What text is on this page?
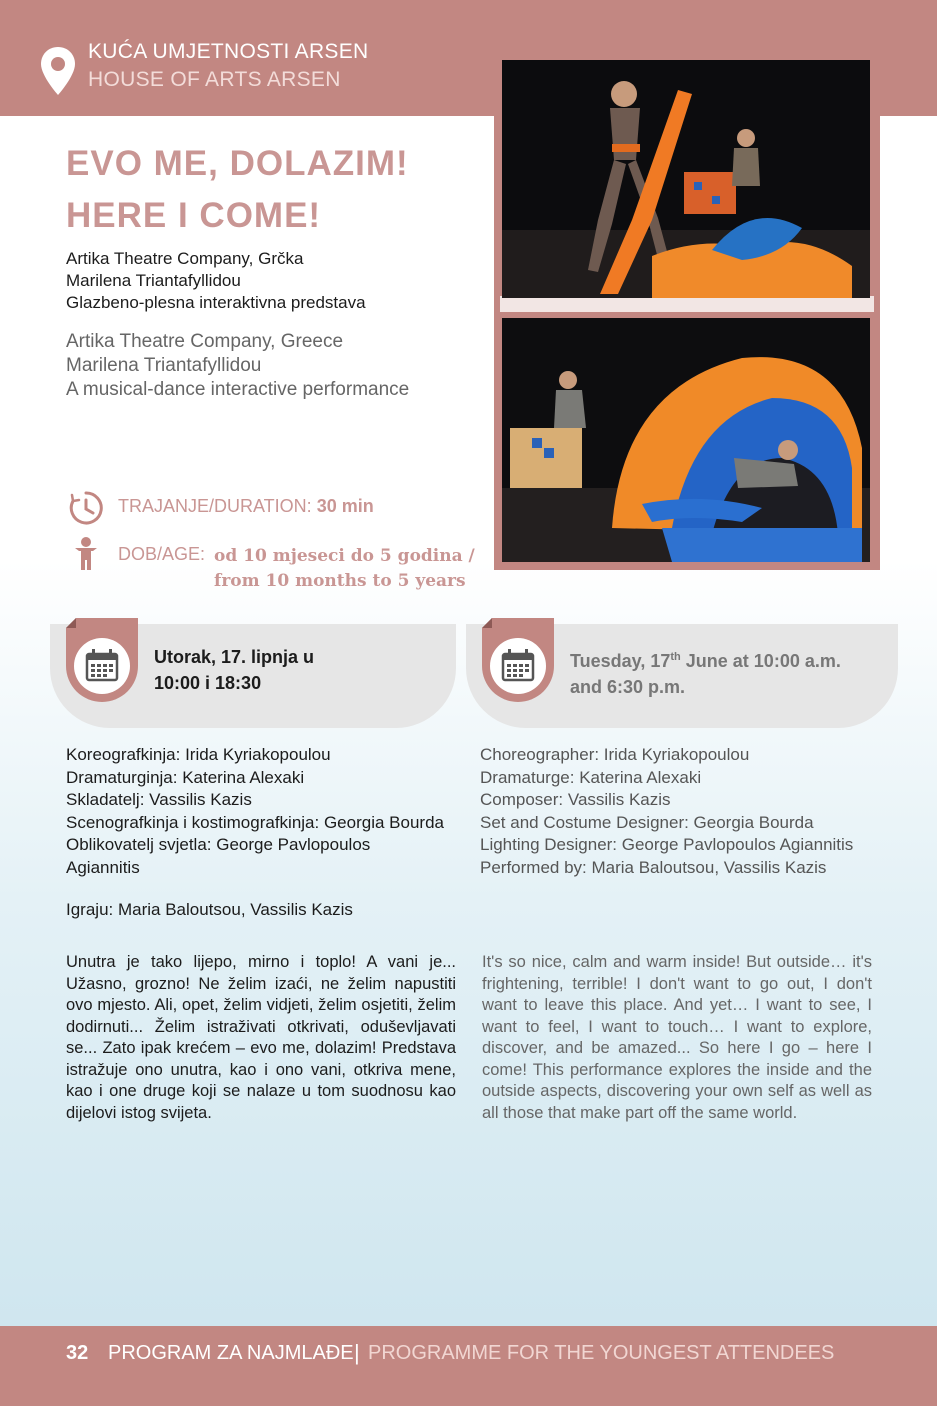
KUĆA UMJETNOSTI ARSEN
HOUSE OF ARTS ARSEN
EVO ME, DOLAZIM!
HERE I COME!
Artika Theatre Company, Grčka
Marilena Triantafyllidou
Glazbeno-plesna interaktivna predstava
Artika Theatre Company, Greece
Marilena Triantafyllidou
A musical-dance interactive performance
TRAJANJE/DURATION: 30 min
DOB/AGE: od 10 mjeseci do 5 godina /
from 10 months to 5 years
Utorak, 17. lipnja u
10:00 i 18:30
Tuesday, 17th June at 10:00 a.m.
and 6:30 p.m.
Koreografkinja: Irida Kyriakopoulou
Dramaturginja: Katerina Alexaki
Skladatelj: Vassilis Kazis
Scenografkinja i kostimografkinja: Georgia Bourda
Oblikovatelj svjetla: George Pavlopoulos
Agiannitis
Igraju: Maria Baloutsou, Vassilis Kazis
Choreographer: Irida Kyriakopoulou
Dramaturge: Katerina Alexaki
Composer: Vassilis Kazis
Set and Costume Designer: Georgia Bourda
Lighting Designer: George Pavlopoulos Agiannitis
Performed by: Maria Baloutsou, Vassilis Kazis
Unutra je tako lijepo, mirno i toplo! A vani je... Užasno, grozno! Ne želim izaći, ne želim napustiti ovo mjesto. Ali, opet, želim vidjeti, želim osjetiti, želim dodirnuti... Želim istraživati otkrivati, oduševljavati se... Zato ipak krećem – evo me, dolazim! Predstava istražuje ono unutra, kao i ono vani, otkriva mene, kao i one druge koji se nalaze u tom suodnosu kao dijelovi istog svijeta.
It's so nice, calm and warm inside! But outside… it's frightening, terrible! I don't want to go out, I don't want to leave this place. And yet… I want to see, I want to feel, I want to touch… I want to explore, discover, and be amazed... So here I go – here I come! This performance explores the inside and the outside aspects, discovering your own self as well as all those that make part off the same world.
32 PROGRAM ZA NAJMLAĐE | PROGRAMME FOR THE YOUNGEST ATTENDEES
